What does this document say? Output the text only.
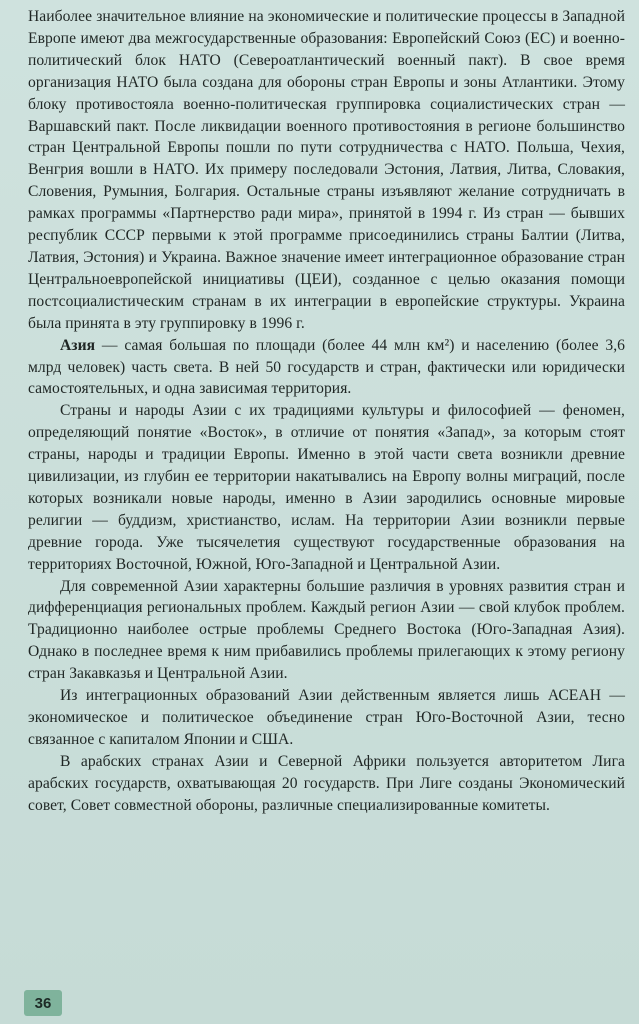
Наиболее значительное влияние на экономические и политические процессы в Западной Европе имеют два межгосударственные образования: Европейский Союз (ЕС) и военно-политический блок НАТО (Североатлантический военный пакт). В свое время организация НАТО была создана для обороны стран Европы и зоны Атлантики. Этому блоку противостояла военно-политическая группировка социалистических стран — Варшавский пакт. После ликвидации военного противостояния в регионе большинство стран Центральной Европы пошли по пути сотрудничества с НАТО. Польша, Чехия, Венгрия вошли в НАТО. Их примеру последовали Эстония, Латвия, Литва, Словакия, Словения, Румыния, Болгария. Остальные страны изъявляют желание сотрудничать в рамках программы «Партнерство ради мира», принятой в 1994 г. Из стран — бывших республик СССР первыми к этой программе присоединились страны Балтии (Литва, Латвия, Эстония) и Украина. Важное значение имеет интеграционное образование стран Центральноевропейской инициативы (ЦЕИ), созданное с целью оказания помощи постсоциалистическим странам в их интеграции в европейские структуры. Украина была принята в эту группировку в 1996 г.

Азия — самая большая по площади (более 44 млн км²) и населению (более 3,6 млрд человек) часть света. В ней 50 государств и стран, фактически или юридически самостоятельных, и одна зависимая территория.

Страны и народы Азии с их традициями культуры и философией — феномен, определяющий понятие «Восток», в отличие от понятия «Запад», за которым стоят страны, народы и традиции Европы. Именно в этой части света возникли древние цивилизации, из глубин ее территории накатывались на Европу волны миграций, после которых возникали новые народы, именно в Азии зародились основные мировые религии — буддизм, христианство, ислам. На территории Азии возникли первые древние города. Уже тысячелетия существуют государственные образования на территориях Восточной, Южной, Юго-Западной и Центральной Азии.

Для современной Азии характерны большие различия в уровнях развития стран и дифференциация региональных проблем. Каждый регион Азии — свой клубок проблем. Традиционно наиболее острые проблемы Среднего Востока (Юго-Западная Азия). Однако в последнее время к ним прибавились проблемы прилегающих к этому региону стран Закавказья и Центральной Азии.

Из интеграционных образований Азии действенным является лишь АСЕАН — экономическое и политическое объединение стран Юго-Восточной Азии, тесно связанное с капиталом Японии и США.

В арабских странах Азии и Северной Африки пользуется авторитетом Лига арабских государств, охватывающая 20 государств. При Лиге созданы Экономический совет, Совет совместной обороны, различные специализированные комитеты.

36
